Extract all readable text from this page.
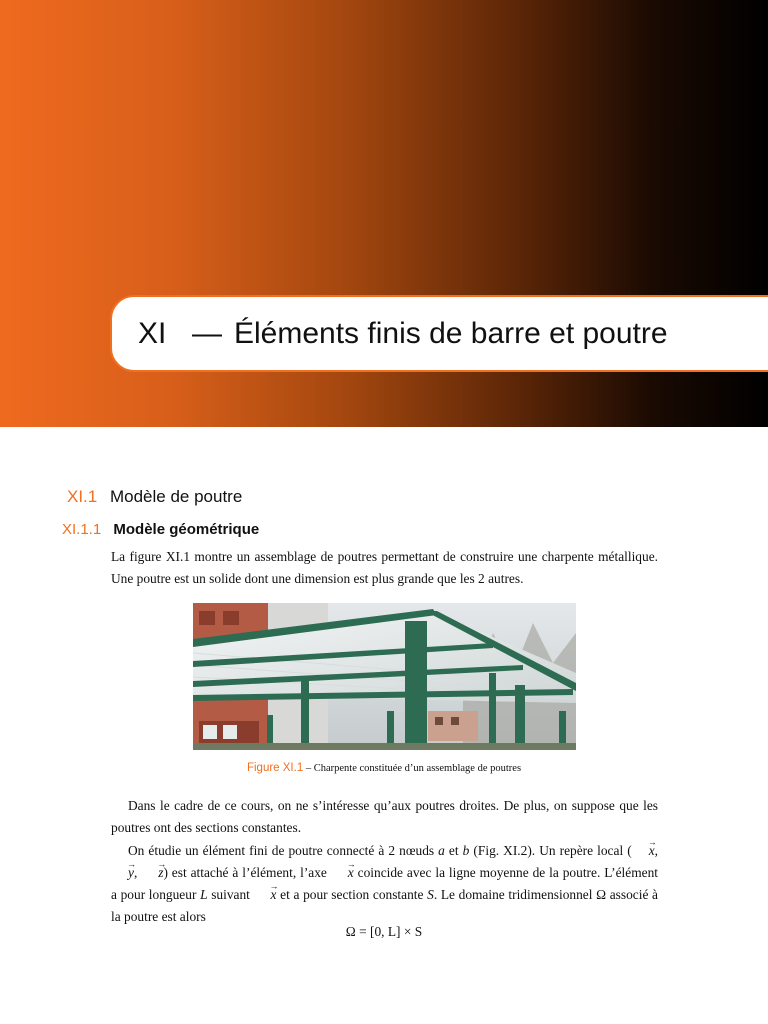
XI — Éléments finis de barre et poutre
XI.1 Modèle de poutre
XI.1.1 Modèle géométrique

La figure XI.1 montre un assemblage de poutres permettant de construire une charpente métallique. Une poutre est un solide dont une dimension est plus grande que les 2 autres.

Figure XI.1 – Charpente constituée d’un assemblage de poutres

Dans le cadre de ce cours, on ne s’intéresse qu’aux poutres droites. De plus, on suppose que les poutres ont des sections constantes.

On étudie un élément fini de poutre connecté à 2 nœuds a et b (Fig. XI.2). Un repère local (→ x, → y, → z) est attaché à l’élément, l’axe → x coincide avec la ligne moyenne de la poutre. L’élément a pour longueur L suivant → x et a pour section constante S. Le domaine tridimensionnel Ω associé à la poutre est alors

Ω = [0, L] × S
